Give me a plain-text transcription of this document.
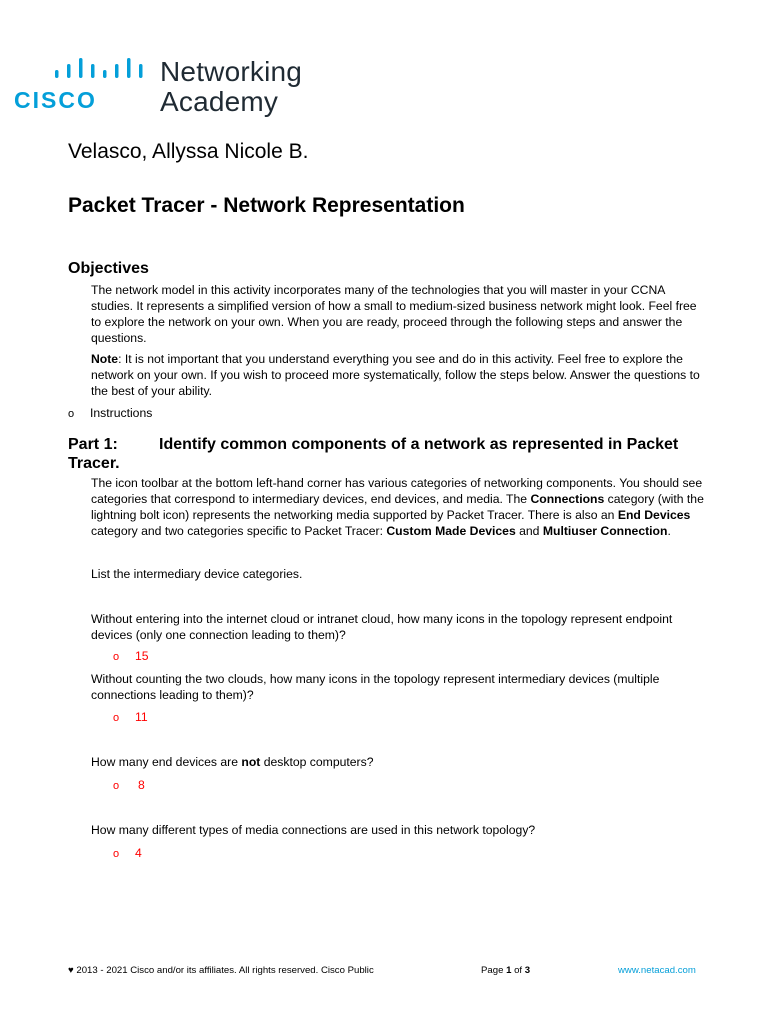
Networking
Academy
CISCO
Velasco, Allyssa Nicole B.
Packet Tracer - Network Representation
Objectives

The network model in this activity incorporates many of the technologies that you will master in your CCNA studies. It represents a simplified version of how a small to medium-sized business network might look. Feel free to explore the network on your own. When you are ready, proceed through the following steps and answer the questions.

Note: It is not important that you understand everything you see and do in this activity. Feel free to explore the network on your own. If you wish to proceed more systematically, follow the steps below. Answer the questions to the best of your ability.

o Instructions
Part 1:	Identify common components of a network as represented in Packet Tracer.

The icon toolbar at the bottom left-hand corner has various categories of networking components. You should see categories that correspond to intermediary devices, end devices, and media. The Connections category (with the lightning bolt icon) represents the networking media supported by Packet Tracer. There is also an End Devices category and two categories specific to Packet Tracer: Custom Made Devices and Multiuser Connection.

List the intermediary device categories.

Without entering into the internet cloud or intranet cloud, how many icons in the topology represent endpoint devices (only one connection leading to them)?

o 15

Without counting the two clouds, how many icons in the topology represent intermediary devices (multiple connections leading to them)?

o 11

How many end devices are not desktop computers?

o 8

How many different types of media connections are used in this network topology?

o 4
♥ 2013 - 2021 Cisco and/or its affiliates. All rights reserved. Cisco Public	Page 1 of 3	www.netacad.com
